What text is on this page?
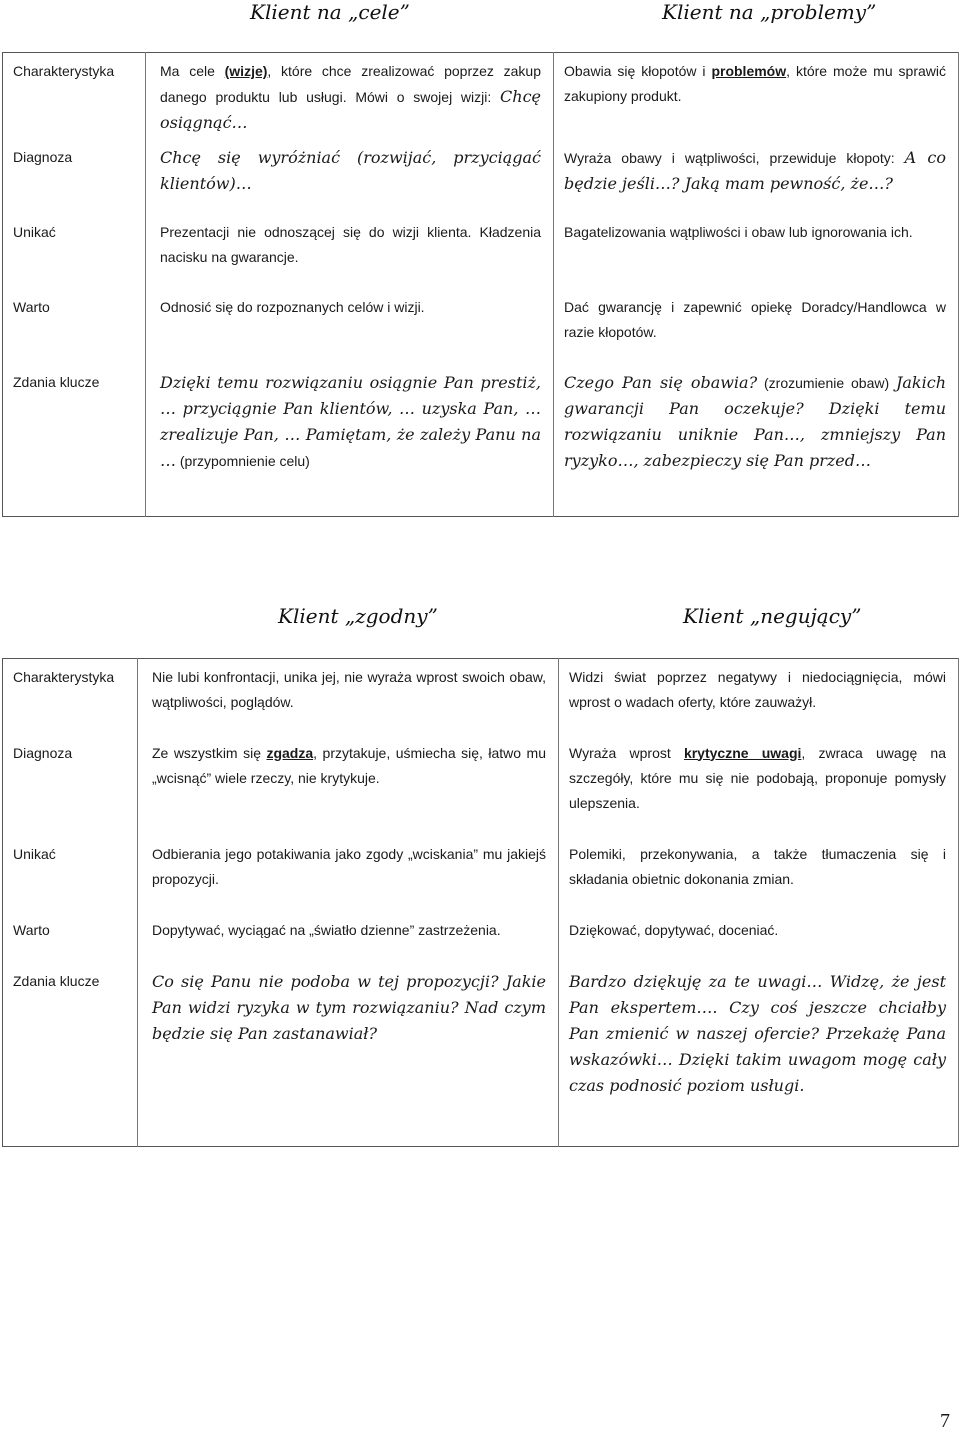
Klient na „cele”	Klient na „problemy”
Charakterystyka	Ma cele (wizje), które chce zrealizować poprzez zakup danego produktu lub usługi. Mówi o swojej wizji: Chcę osiągnąć…	Obawia się kłopotów i problemów, które może mu sprawić zakupiony produkt.
Diagnoza	Chcę się wyróżniać (rozwijać, przyciągać klientów)…	Wyraża obawy i wątpliwości, przewiduje kłopoty: A co będzie jeśli…? Jaką mam pewność, że…?
Unikać	Prezentacji nie odnoszącej się do wizji klienta. Kładzenia nacisku na gwarancje.	Bagatelizowania wątpliwości i obaw lub ignorowania ich.
Warto	Odnosić się do rozpoznanych celów i wizji.	Dać gwarancję i zapewnić opiekę Doradcy/Handlowca w razie kłopotów.
Zdania klucze	Dzięki temu rozwiązaniu osiągnie Pan prestiż, … przyciągnie Pan klientów, … uzyska Pan, … zrealizuje Pan, … Pamiętam, że zależy Panu na … (przypomnienie celu)	Czego Pan się obawia? (zrozumienie obaw) Jakich gwarancji Pan oczekuje? Dzięki temu rozwiązaniu uniknie Pan…, zmniejszy Pan ryzyko…, zabezpieczy się Pan przed…
Klient „zgodny”	Klient „negujący”
Charakterystyka	Nie lubi konfrontacji, unika jej, nie wyraża wprost swoich obaw, wątpliwości, poglądów.	Widzi świat poprzez negatywy i niedociągnięcia, mówi wprost o wadach oferty, które zauważył.
Diagnoza	Ze wszystkim się zgadza, przytakuje, uśmiecha się, łatwo mu „wcisnąć” wiele rzeczy, nie krytykuje.	Wyraża wprost krytyczne uwagi, zwraca uwagę na szczegóły, które mu się nie podobają, proponuje pomysły ulepszenia.
Unikać	Odbierania jego potakiwania jako zgody „wciskania” mu jakiejś propozycji.	Polemiki, przekonywania, a także tłumaczenia się i składania obietnic dokonania zmian.
Warto	Dopytywać, wyciągać na „światło dzienne” zastrzeżenia.	Dziękować, dopytywać, doceniać.
Zdania klucze	Co się Panu nie podoba w tej propozycji? Jakie Pan widzi ryzyka w tym rozwiązaniu? Nad czym będzie się Pan zastanawiał?	Bardzo dziękuję za te uwagi… Widzę, że jest Pan ekspertem…. Czy coś jeszcze chciałby Pan zmienić w naszej ofercie? Przekażę Pana wskazówki… Dzięki takim uwagom mogę cały czas podnosić poziom usługi.
7
